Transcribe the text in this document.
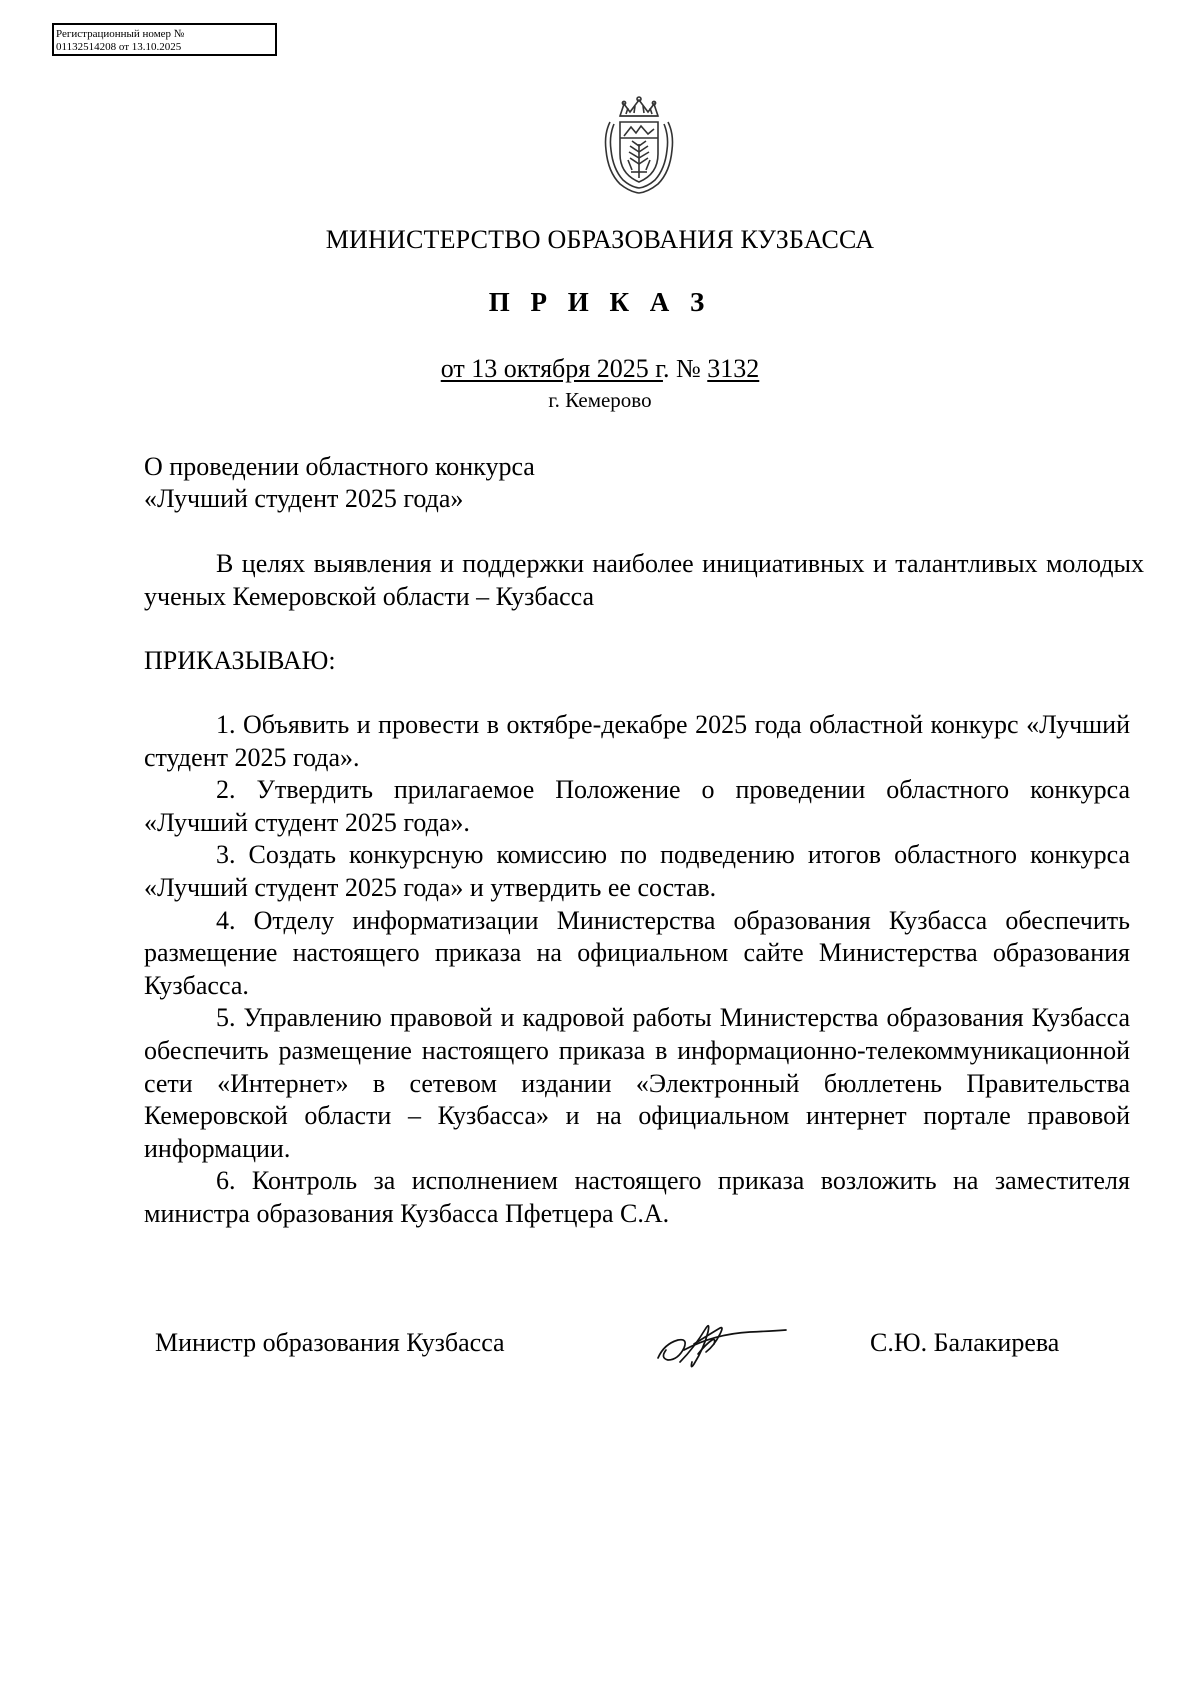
Регистрационный номер №
01132514208 от 13.10.2025
МИНИСТЕРСТВО ОБРАЗОВАНИЯ КУЗБАССА
П Р И К А З
от 13 октября 2025 г. № 3132
г. Кемерово
О проведении областного конкурса
«Лучший студент 2025 года»

В целях выявления и поддержки наиболее инициативных и талантливых молодых ученых Кемеровской области – Кузбасса

ПРИКАЗЫВАЮ:

1. Объявить и провести в октябре-декабре 2025 года областной конкурс «Лучший студент 2025 года».

2. Утвердить прилагаемое Положение о проведении областного конкурса «Лучший студент 2025 года».

3. Создать конкурсную комиссию по подведению итогов областного конкурса «Лучший студент 2025 года» и утвердить ее состав.

4. Отделу информатизации Министерства образования Кузбасса обеспечить размещение настоящего приказа на официальном сайте Министерства образования Кузбасса.

5. Управлению правовой и кадровой работы Министерства образования Кузбасса обеспечить размещение настоящего приказа в информационно-телекоммуникационной сети «Интернет» в сетевом издании «Электронный бюллетень Правительства Кемеровской области – Кузбасса» и на официальном интернет портале правовой информации.

6. Контроль за исполнением настоящего приказа возложить на заместителя министра образования Кузбасса Пфетцера С.А.

Министр образования Кузбасса	С.Ю. Балакирева
